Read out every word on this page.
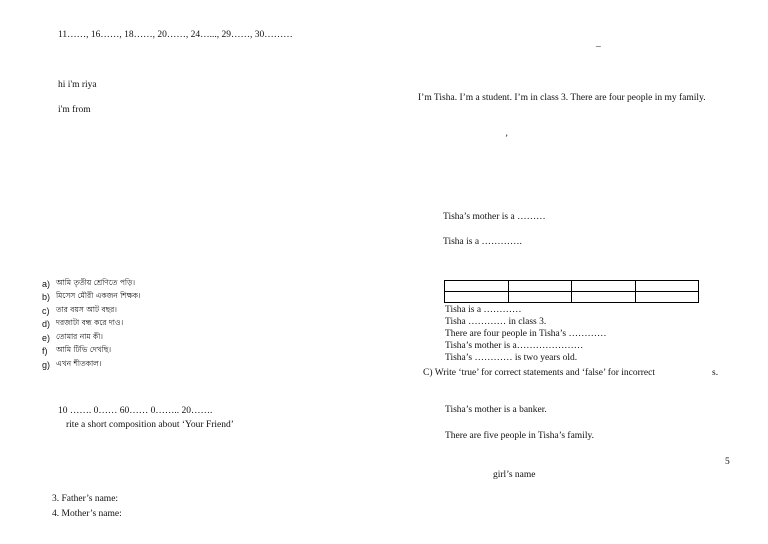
11……, 16……, 18……, 20……, 24…..., 29……, 30………
hi i'm riya
i'm from
a) আমি তৃতীয় শ্রেণিতে পড়ি।
b) মিসেস মৌরী একজন শিক্ষক।
c) তার বয়স আট বছর।
d) দরজাটা বন্ধ করে দাও।
e) তোমার নাম কী।
f)	আমি টিভি দেখছি।
g) এখন শীতকাল।
10 ……. 0…… 60…… 0…….. 20…….
rite a short composition about ‘Your Friend’
3. Father’s name:
4. Mother’s name:
–
I’m Tisha. I’m a student. I’m in class 3. There are four people in my family.
’
Tisha’s mother is a ………
Tisha is a ………….

Tisha is a …………
Tisha ………… in class 3.
There are four people in Tisha’s …………
Tisha’s mother is a…………………
Tisha’s ………… is two years old.
C) Write ‘true’ for correct statements and ‘false’ for incorrect	s.
Tisha’s mother is a banker.
There are five people in Tisha’s family.
5
girl’s name
